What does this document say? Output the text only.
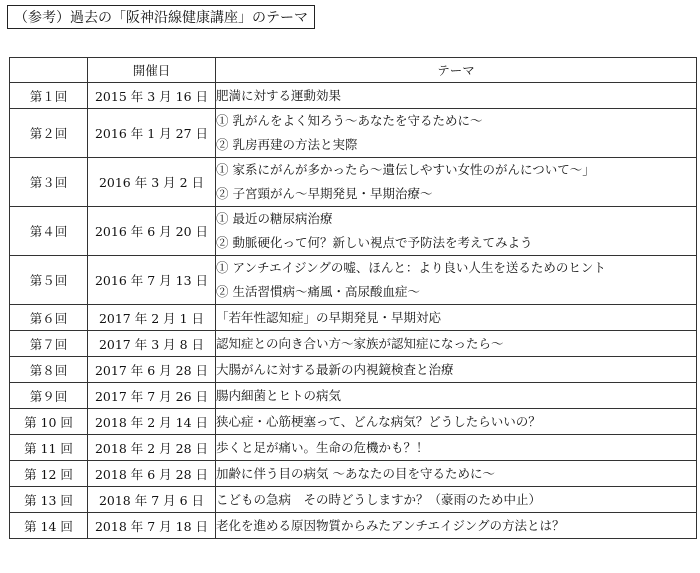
（参考）過去の「阪神沿線健康講座」のテーマ
	開催日	テーマ
第１回	2015 年 3 月 16 日	肥満に対する運動効果

第２回	2016 年 1 月 27 日	① 乳がんをよく知ろう～あなたを守るために～
② 乳房再建の方法と実際

第３回	2016 年 3 月 2 日	① 家系にがんが多かったら～遺伝しやすい女性のがんについて～」
② 子宮頸がん～早期発見・早期治療～

第４回	2016 年 6 月 20 日	① 最近の糖尿病治療
② 動脈硬化って何？新しい視点で予防法を考えてみよう

第５回	2016 年 7 月 13 日	① アンチエイジングの嘘、ほんと：より良い人生を送るためのヒント
② 生活習慣病～痛風・高尿酸血症～

第６回	2017 年 2 月 1 日	「若年性認知症」の早期発見・早期対応

第７回	2017 年 3 月 8 日	認知症との向き合い方～家族が認知症になったら～

第８回	2017 年 6 月 28 日	大腸がんに対する最新の内視鏡検査と治療

第９回	2017 年 7 月 26 日	腸内細菌とヒトの病気

第 10 回	2018 年 2 月 14 日	狭心症・心筋梗塞って、どんな病気？どうしたらいいの？

第 11 回	2018 年 2 月 28 日	歩くと足が痛い。生命の危機かも？！

第 12 回	2018 年 6 月 28 日	加齢に伴う目の病気 ～あなたの目を守るために～

第 13 回	2018 年 7 月 6 日	こどもの急病　その時どうしますか？（豪雨のため中止）

第 14 回	2018 年 7 月 18 日	老化を進める原因物質からみたアンチエイジングの方法とは？
